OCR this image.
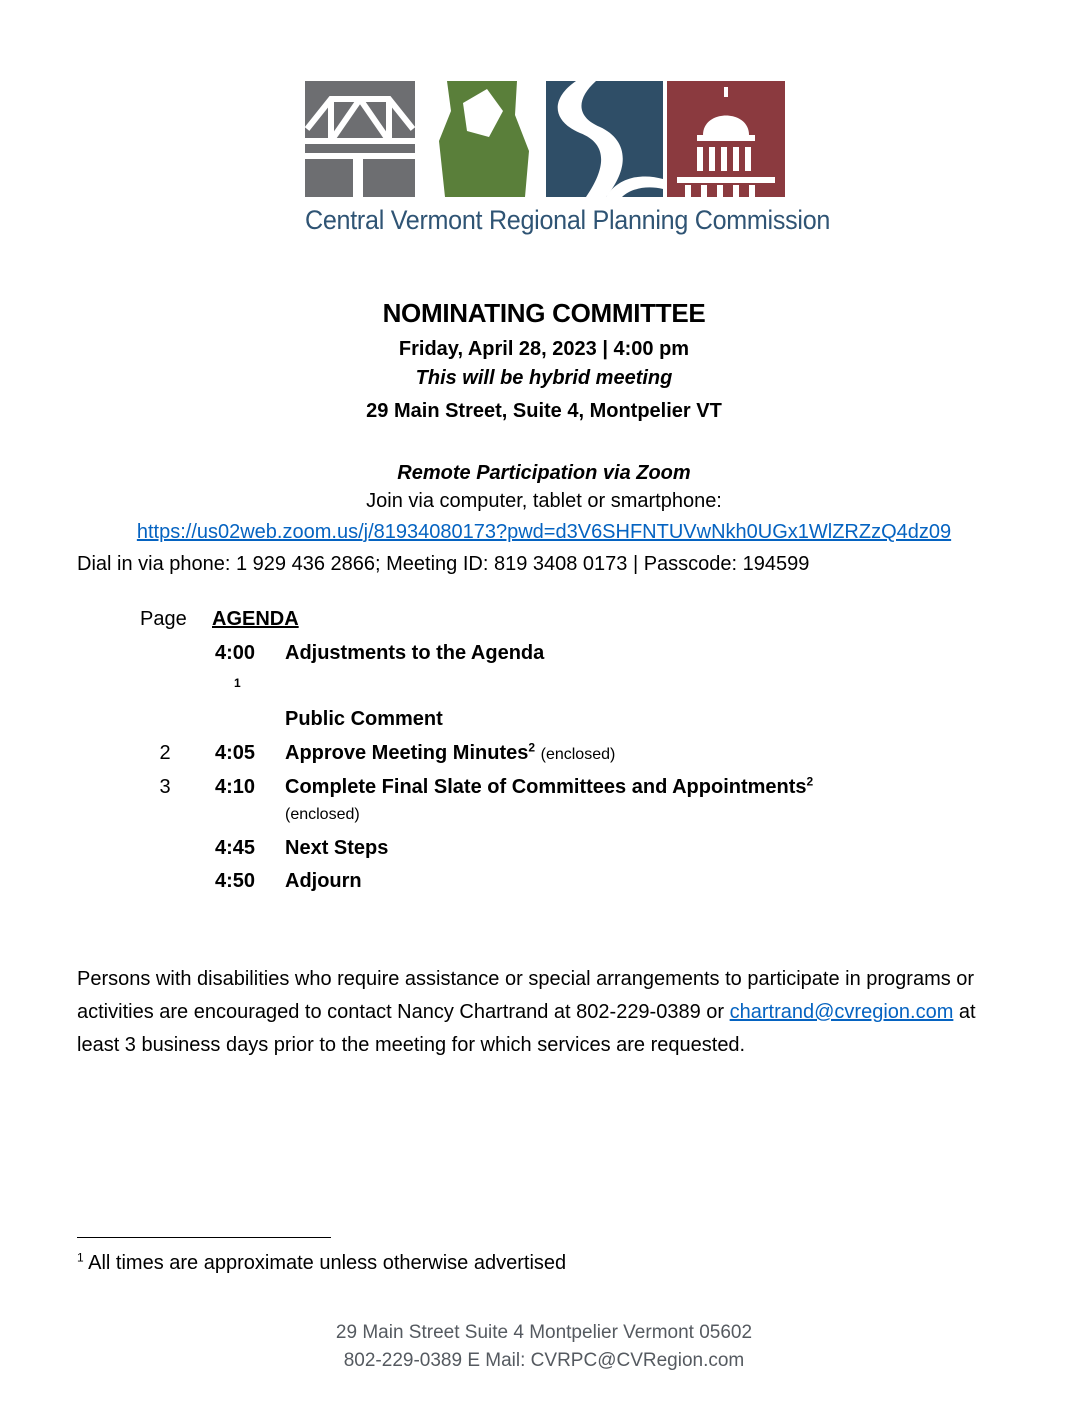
Central Vermont Regional Planning Commission
NOMINATING COMMITTEE
Friday, April 28, 2023 | 4:00 pm
This will be hybrid meeting
29 Main Street, Suite 4, Montpelier VT
Remote Participation via Zoom
Join via computer, tablet or smartphone:
https://us02web.zoom.us/j/81934080173?pwd=d3V6SHFNTUVwNkh0UGx1WlZRZzQ4dz09
Dial in via phone: 1 929 436 2866; Meeting ID: 819 3408 0173 | Passcode: 194599
Page AGENDA
4:00 Adjustments to the Agenda
1
Public Comment
2	4:05 Approve Meeting Minutes$^2$ (enclosed)
3	4:10 Complete Final Slate of Committees and Appointments$^2$
(enclosed)
4:45 Next Steps
4:50 Adjourn
Persons with disabilities who require assistance or special arrangements to participate in programs or activities are encouraged to contact Nancy Chartrand at 802-229-0389 or chartrand@cvregion.com at least 3 business days prior to the meeting for which services are requested.
$^1$ All times are approximate unless otherwise advertised
29 Main Street Suite 4 Montpelier Vermont 05602
802-229-0389 E Mail: CVRPC@CVRegion.com
